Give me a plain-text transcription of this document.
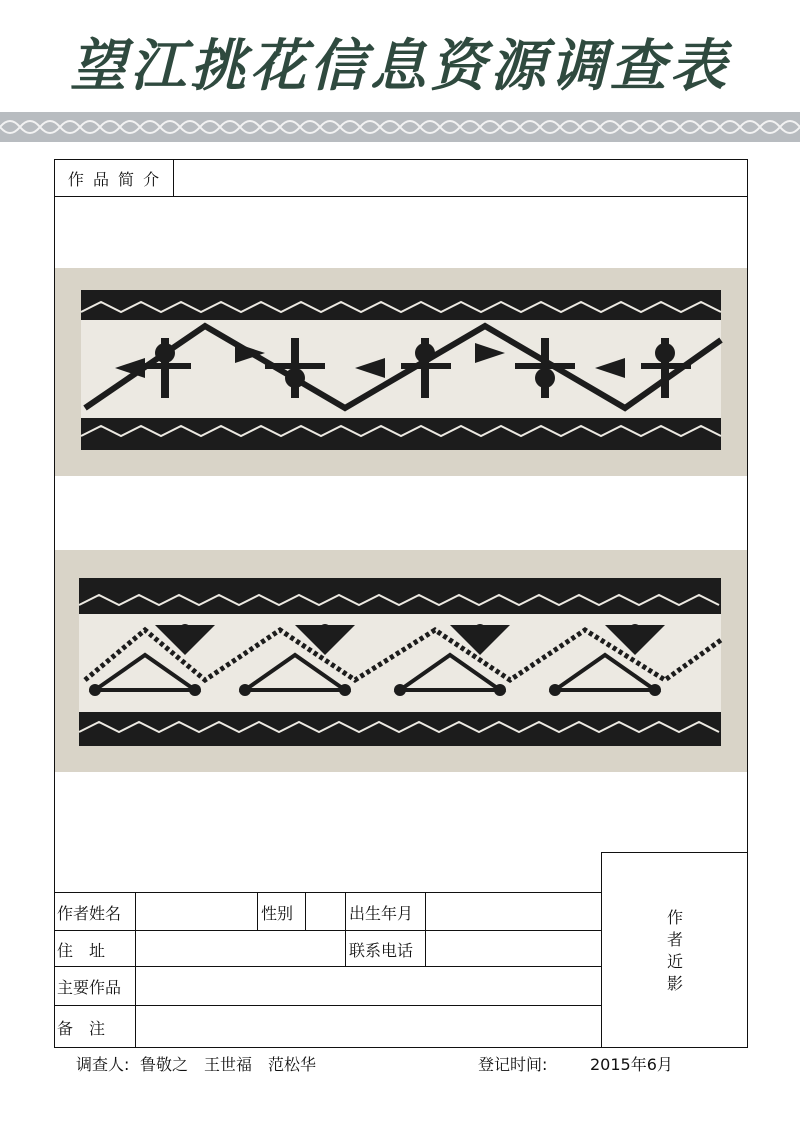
望江挑花信息资源调查表
作 品 简 介
作
者
近
影
作者姓名	性别	出生年月
住　址	联系电话
主要作品
备　注
调查人: 鲁敬之　王世福　范松华	登记时间:	2015年6月
